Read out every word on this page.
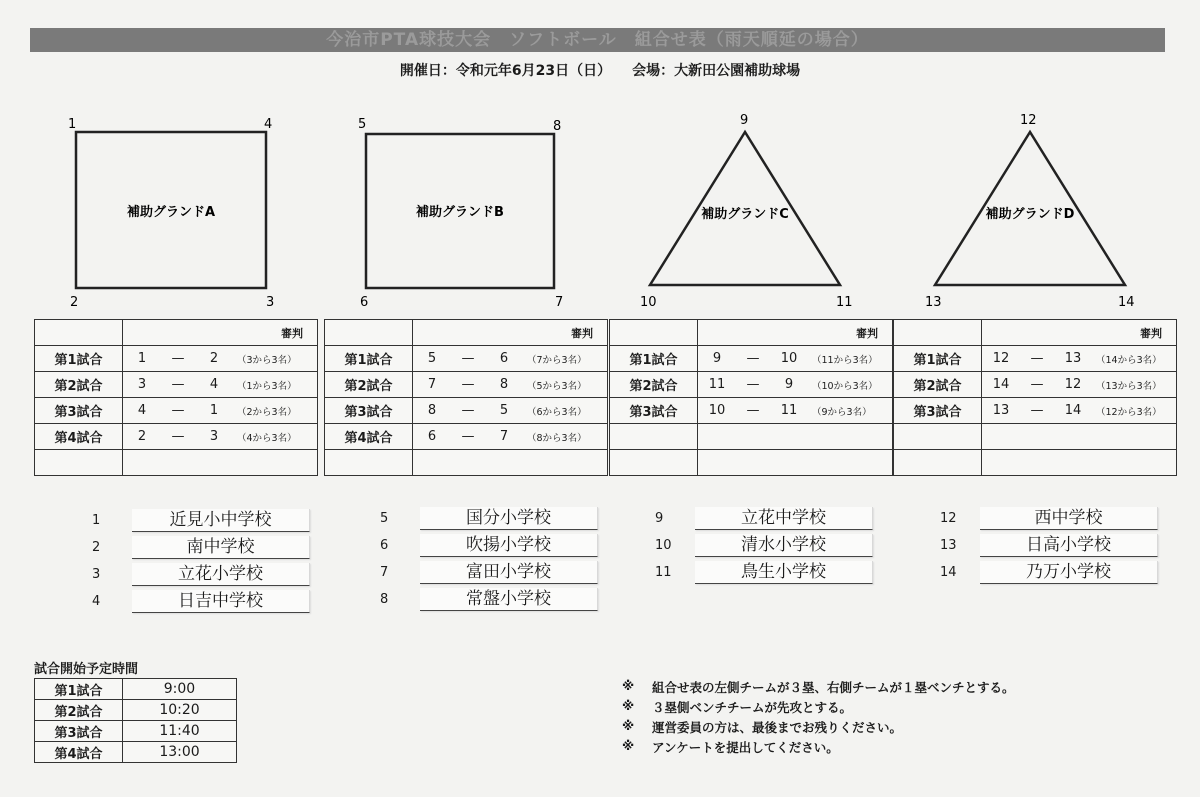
今治市PTA球技大会　ソフトボール　組合せ表（雨天順延の場合）
開催日：令和元年6月23日（日）　　会場：大新田公園補助球場
補助グランドA
1	4
2	3
補助グランドB
5	8
6	7
補助グランドC
9
10	11
補助グランドD
12
13	14
	審判
第1試合	1 — 2 （3から3名）

第2試合	3 — 4 （1から3名）

第3試合	4 — 1 （2から3名）

第4試合	2 — 3 （4から3名）

	審判
第1試合	5 — 6 （7から3名）

第2試合	7 — 8 （5から3名）

第3試合	8 — 5 （6から3名）

第4試合	6 — 7 （8から3名）

	審判
第1試合	9 — 10 （11から3名）

第2試合	11 — 9 （10から3名）

第3試合	10 — 11 （9から3名）

	審判
第1試合	12 — 13 （14から3名）

第2試合	14 — 12 （13から3名）

第3試合	13 — 14 （12から3名）

1	近見小中学校
2	南中学校
3	立花小学校
4	日吉中学校
5	国分小学校
6	吹揚小学校
7	富田小学校
8	常盤小学校
9	立花中学校
10	清水小学校
11	鳥生小学校
12	西中学校
13	日高小学校
14	乃万小学校
試合開始予定時間
第1試合	9:00
第2試合	10:20
第3試合	11:40
第4試合	13:00
※	組合せ表の左側チームが３塁、右側チームが１塁ベンチとする。
※	３塁側ベンチチームが先攻とする。
※	運営委員の方は、最後までお残りください。
※	アンケートを提出してください。
